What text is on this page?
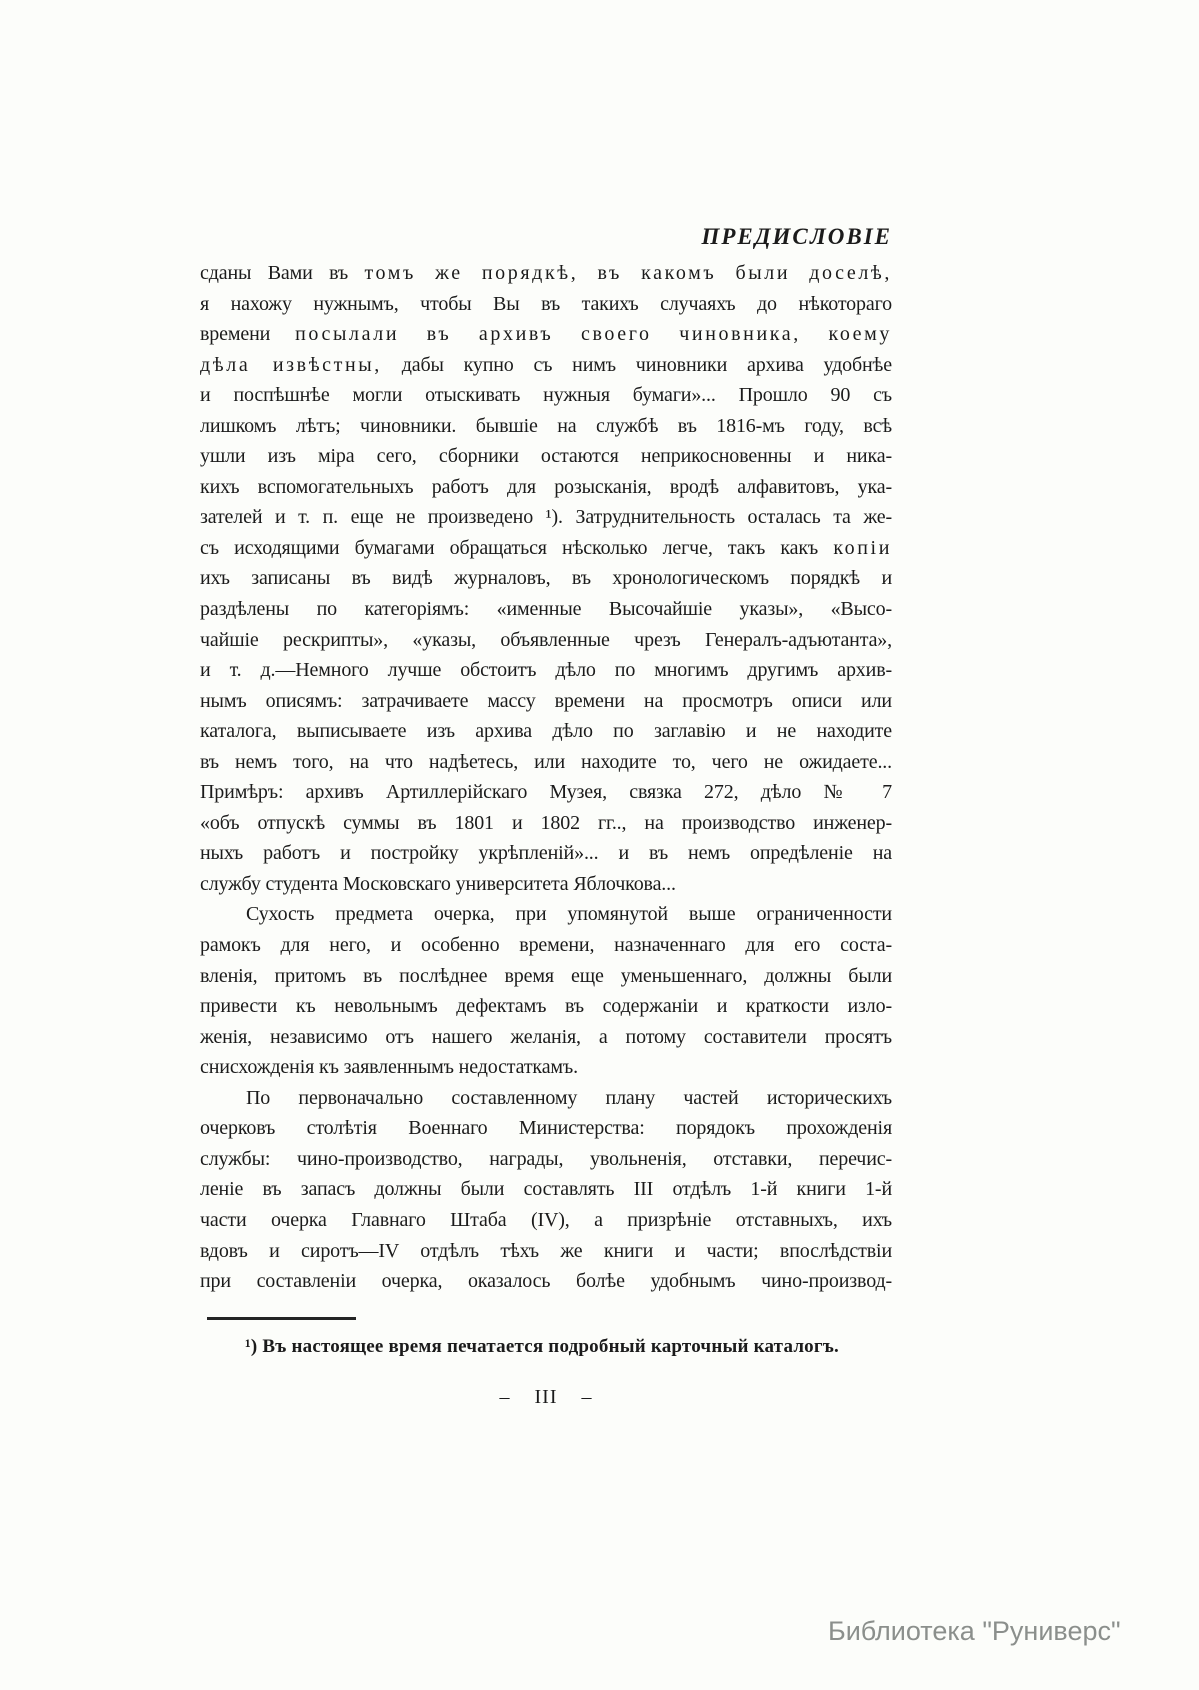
ПРЕДИСЛОВІЕ
сданы Вами въ томъ же порядкѣ, въ какомъ были доселѣ,
я нахожу нужнымъ, чтобы Вы въ такихъ случаяхъ до нѣкотораго
времени посылали въ архивъ своего чиновника, коему
дѣла извѣстны, дабы купно съ нимъ чиновники архива удобнѣе
и поспѣшнѣе могли отыскивать нужныя бумаги»... Прошло 90 съ
лишкомъ лѣтъ; чиновники. бывшіе на службѣ въ 1816-мъ году, всѣ
ушли изъ міра сего, сборники остаются неприкосновенны и ника-
кихъ вспомогательныхъ работъ для розысканія, вродѣ алфавитовъ, ука-
зателей и т. п. еще не произведено ¹). Затруднительность осталась та же-
съ исходящими бумагами обращаться нѣсколько легче, такъ какъ копіи
ихъ записаны въ видѣ журналовъ, въ хронологическомъ порядкѣ и
раздѣлены по категоріямъ: «именные Высочайшіе указы», «Высо-
чайшіе рескрипты», «указы, объявленные чрезъ Генералъ-адъютанта»,
и т. д.—Немного лучше обстоитъ дѣло по многимъ другимъ архив-
нымъ описямъ: затрачиваете массу времени на просмотръ описи или
каталога, выписываете изъ архива дѣло по заглавію и не находите
въ немъ того, на что надѣетесь, или находите то, чего не ожидаете...
Примѣръ: архивъ Артиллерійскаго Музея, связка 272, дѣло № 7
«объ отпускѣ суммы въ 1801 и 1802 гг.., на производство инженер-
ныхъ работъ и постройку укрѣпленій»... и въ немъ опредѣленіе на
службу студента Московскаго университета Яблочкова...
Сухость предмета очерка, при упомянутой выше ограниченности
рамокъ для него, и особенно времени, назначеннаго для его соста-
вленія, притомъ въ послѣднее время еще уменьшеннаго, должны были
привести къ невольнымъ дефектамъ въ содержаніи и краткости изло-
женія, независимо отъ нашего желанія, а потому составители просятъ
снисхожденія къ заявленнымъ недостаткамъ.
По первоначально составленному плану частей историческихъ
очерковъ столѣтія Военнаго Министерства: порядокъ прохожденія
службы: чино-производство, награды, увольненія, отставки, перечис-
леніе въ запасъ должны были составлять III отдѣлъ 1-й книги 1-й
части очерка Главнаго Штаба (IV), а призрѣніе отставныхъ, ихъ
вдовъ и сиротъ—IV отдѣлъ тѣхъ же книги и части; впослѣдствіи
при составленіи очерка, оказалось болѣе удобнымъ чино-производ-
¹) Въ настоящее время печатается подробный карточный каталогъ.
– III –
Библиотека "Руниверс"
